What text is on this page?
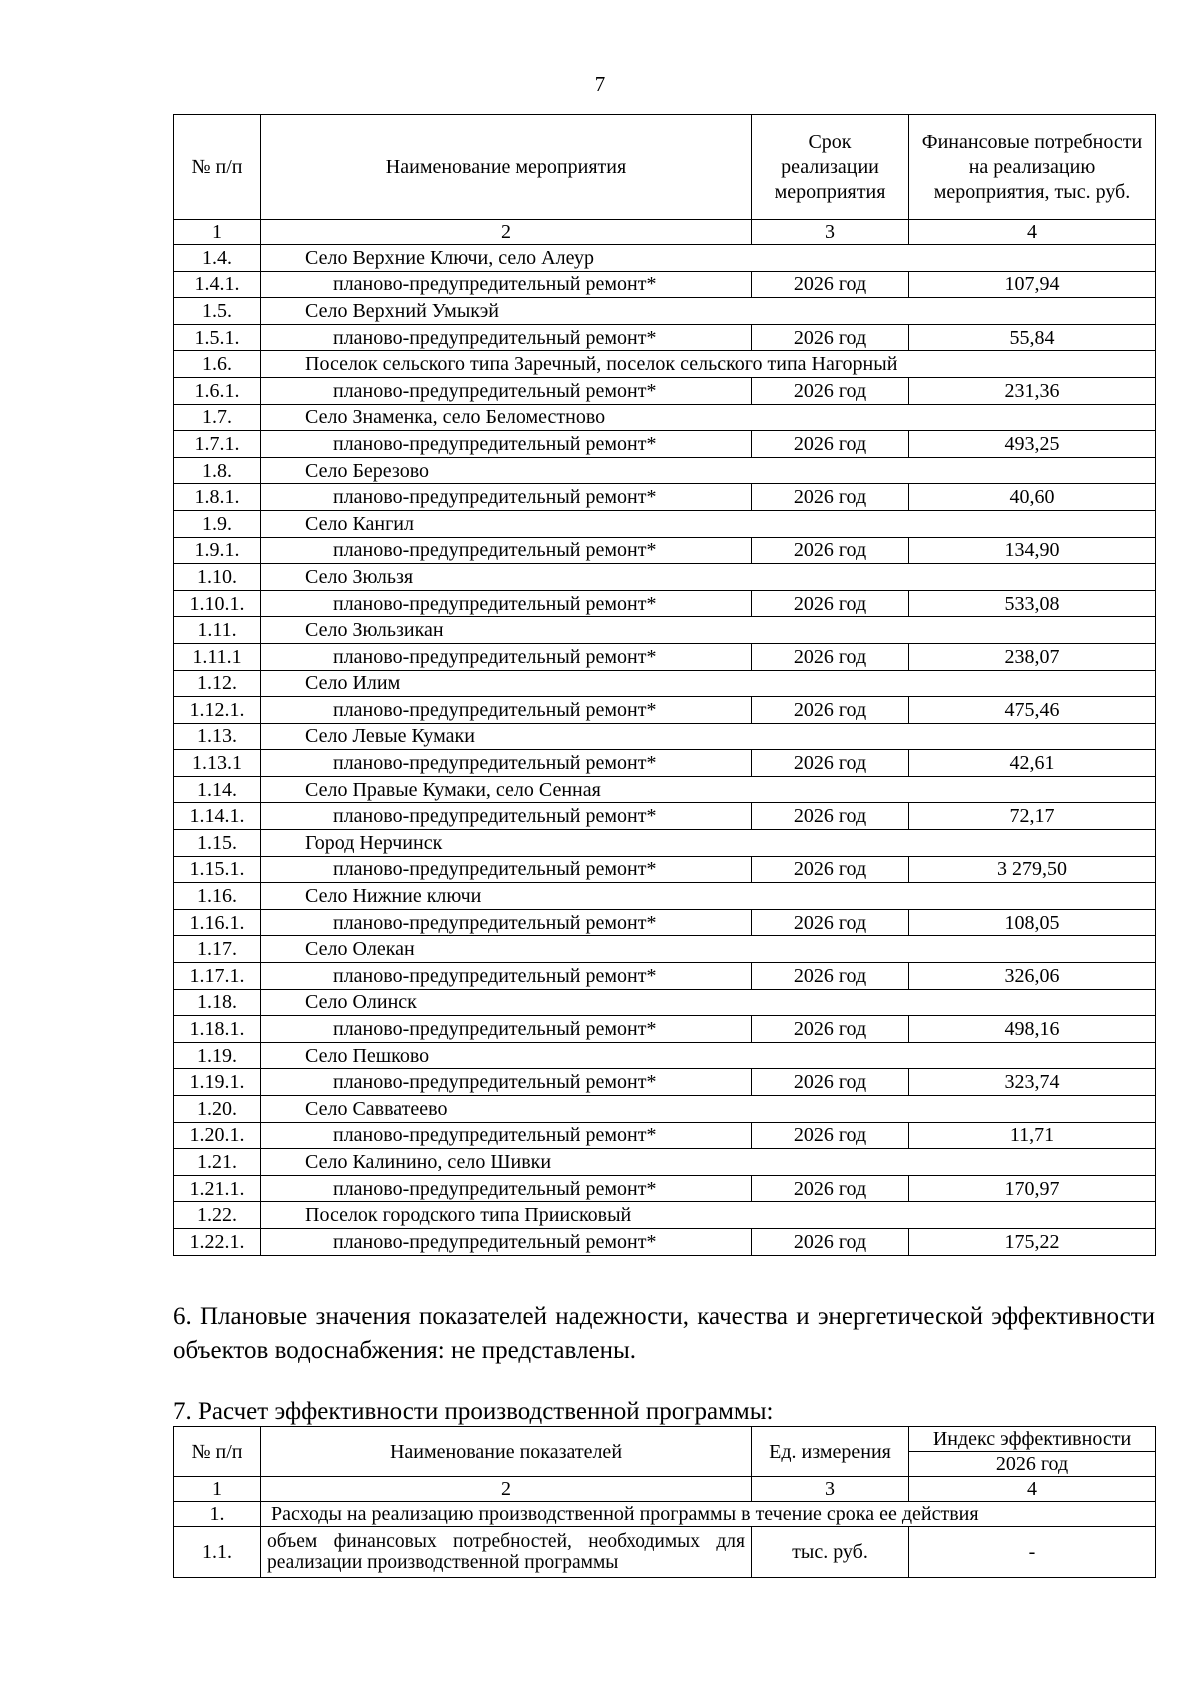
7
№ п/п	Наименование мероприятия	Срок реализации мероприятия	Финансовые потребности на реализацию мероприятия, тыс. руб.
1	2	3	4
1.4.	Село Верхние Ключи, село Алеур		
1.4.1.	планово-предупредительный ремонт*	2026 год	107,94
1.5.	Село Верхний Умыкэй		
1.5.1.	планово-предупредительный ремонт*	2026 год	55,84
1.6.	Поселок сельского типа Заречный, поселок сельского типа Нагорный		
1.6.1.	планово-предупредительный ремонт*	2026 год	231,36
1.7.	Село Знаменка, село Беломестново		
1.7.1.	планово-предупредительный ремонт*	2026 год	493,25
1.8.	Село Березово		
1.8.1.	планово-предупредительный ремонт*	2026 год	40,60
1.9.	Село Кангил		
1.9.1.	планово-предупредительный ремонт*	2026 год	134,90
1.10.	Село Зюльзя		
1.10.1.	планово-предупредительный ремонт*	2026 год	533,08
1.11.	Село Зюльзикан		
1.11.1	планово-предупредительный ремонт*	2026 год	238,07
1.12.	Село Илим		
1.12.1.	планово-предупредительный ремонт*	2026 год	475,46
1.13.	Село Левые Кумаки		
1.13.1	планово-предупредительный ремонт*	2026 год	42,61
1.14.	Село Правые Кумаки, село Сенная		
1.14.1.	планово-предупредительный ремонт*	2026 год	72,17
1.15.	Город Нерчинск		
1.15.1.	планово-предупредительный ремонт*	2026 год	3 279,50
1.16.	Село Нижние ключи		
1.16.1.	планово-предупредительный ремонт*	2026 год	108,05
1.17.	Село Олекан		
1.17.1.	планово-предупредительный ремонт*	2026 год	326,06
1.18.	Село Олинск		
1.18.1.	планово-предупредительный ремонт*	2026 год	498,16
1.19.	Село Пешково		
1.19.1.	планово-предупредительный ремонт*	2026 год	323,74
1.20.	Село Савватеево		
1.20.1.	планово-предупредительный ремонт*	2026 год	11,71
1.21.	Село Калинино, село Шивки		
1.21.1.	планово-предупредительный ремонт*	2026 год	170,97
1.22.	Поселок городского типа Приисковый		
1.22.1.	планово-предупредительный ремонт*	2026 год	175,22
6. Плановые значения показателей надежности, качества и энергетической эффективности объектов водоснабжения: не представлены.
7. Расчет эффективности производственной программы:
№ п/п	Наименование показателей	Ед. измерения	Индекс эффективности
			2026 год
1	2	3	4
1.	Расходы на реализацию производственной программы в течение срока ее действия		
1.1.	объем финансовых потребностей, необходимых для реализации производственной программы	тыс. руб.	-
